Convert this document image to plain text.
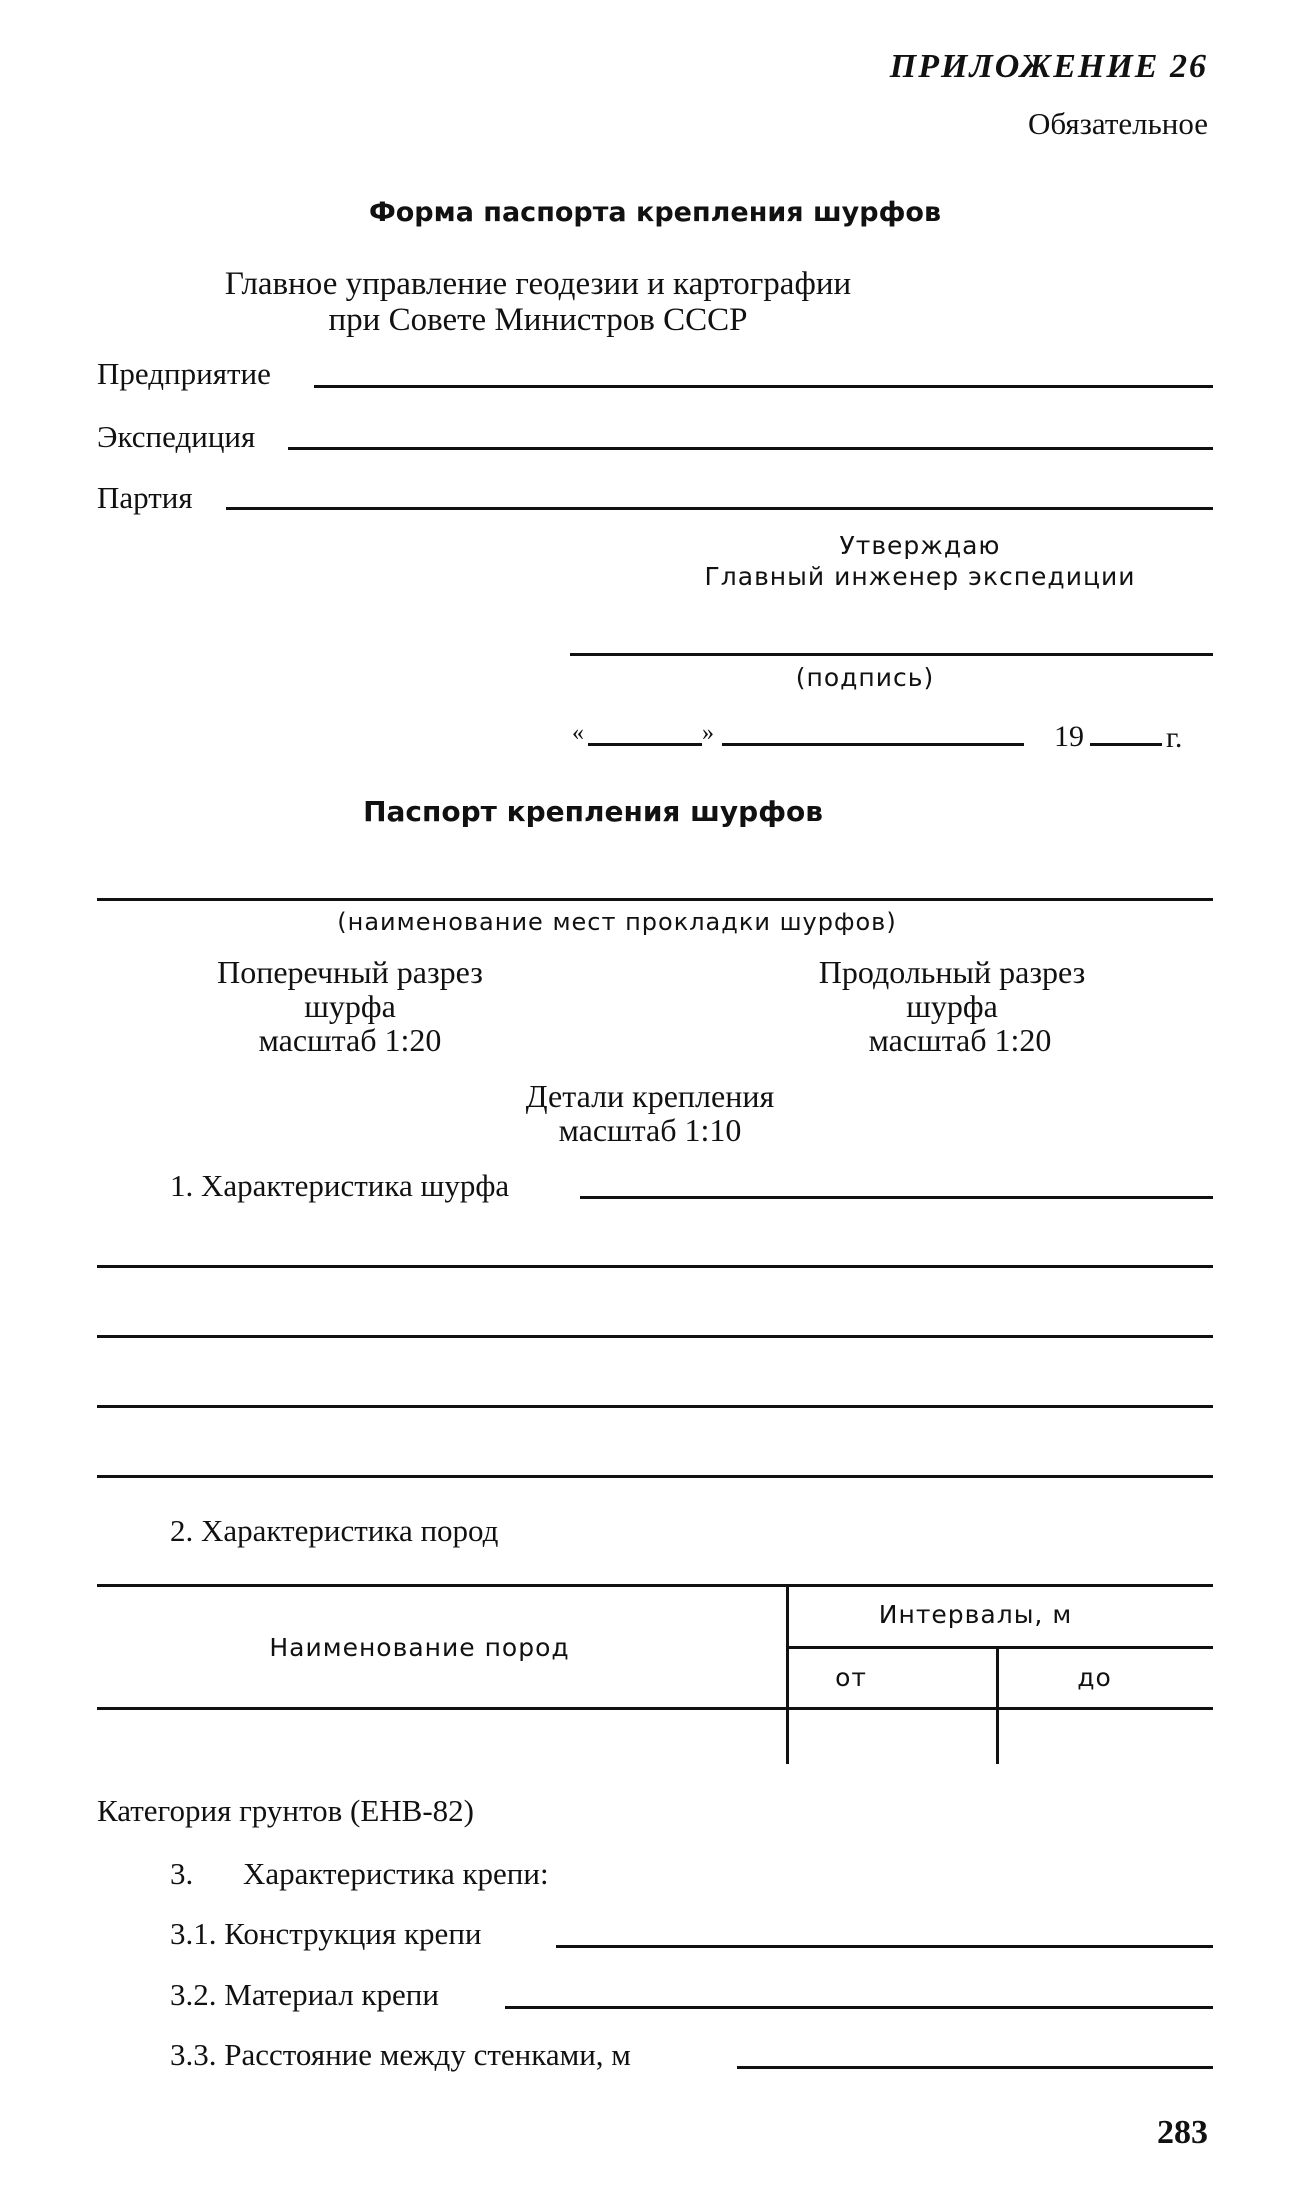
ПРИЛОЖЕНИЕ 26
Обязательное
Форма паспорта крепления шурфов
Главное управление геодезии и картографии
при Совете Министров СССР
Предприятие
Экспедиция
Партия
Утверждаю
Главный инженер экспедиции
(подпись)
«	»	19	г.
Паспорт крепления шурфов
(наименование мест прокладки шурфов)
Поперечный разрез
шурфа
масштаб 1:20
Продольный разрез
шурфа
масштаб 1:20
Детали крепления
масштаб 1:10
1. Характеристика шурфа
2. Характеристика пород
Наименование пород
Интервалы, м
от	до
Категория грунтов (ЕНВ-82)
3. Характеристика крепи:
3.1. Конструкция крепи
3.2. Материал крепи
3.3. Расстояние между стенками, м
283
